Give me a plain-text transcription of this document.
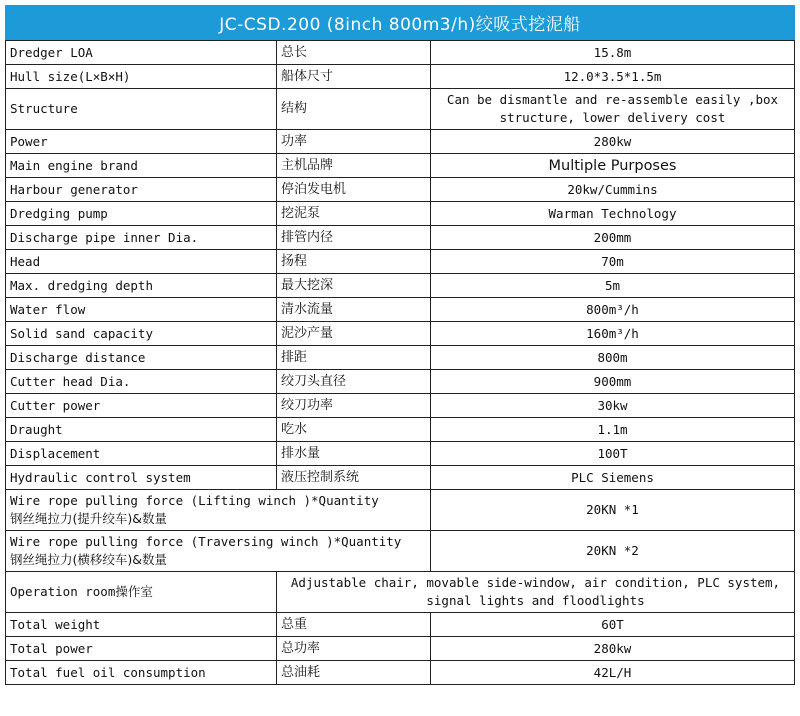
JC-CSD.200 (8inch 800m3/h)绞吸式挖泥船
Dredger LOA	总长	15.8m
Hull size(L×B×H)	船体尺寸	12.0*3.5*1.5m
Structure	结构	Can be dismantle and re-assemble easily ,box
structure, lower delivery cost

Power	功率	280kw
Main engine brand	主机品牌	Multiple Purposes
Harbour generator	停泊发电机	20kw/Cummins
Dredging pump	挖泥泵	Warman Technology
Discharge pipe inner Dia.	排管内径	200mm
Head	扬程	70m
Max. dredging depth	最大挖深	5m
Water flow	清水流量	800m³/h
Solid sand capacity	泥沙产量	160m³/h
Discharge distance	排距	800m
Cutter head Dia.	绞刀头直径	900mm
Cutter power	绞刀功率	30kw
Draught	吃水	1.1m
Displacement	排水量	100T
Hydraulic control system	液压控制系统	PLC Siemens

Wire rope pulling force (Lifting winch )*Quantity
钢丝绳拉力(提升绞车)&数量		20KN *1

Wire rope pulling force (Traversing winch )*Quantity
钢丝绳拉力(横移绞车)&数量		20KN *2
Operation room操作室	Adjustable chair, movable side-window, air condition, PLC system,
signal lights and floodlights	

Total weight	总重	60T
Total power	总功率	280kw
Total fuel oil consumption	总油耗	42L/H
